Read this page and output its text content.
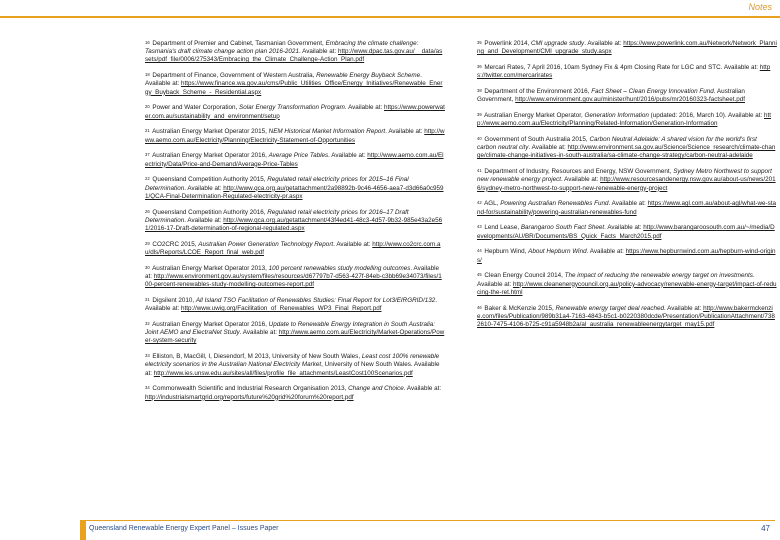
Notes

$^{16}$ Department of Premier and Cabinet, Tasmanian Government, Embracing the climate challenge: Tasmania's draft climate change action plan 2016-2021. Available at: http://www.dpac.tas.gov.au/__data/assets/pdf_file/0006/275343/Embracing_the_Climate_Challenge-Action_Plan.pdf

$^{18}$ Department of Finance, Government of Western Australia, Renewable Energy Buyback Scheme. Available at: https://www.finance.wa.gov.au/cms/Public_Utilities_Office/Energy_Initiatives/Renewable_Energy_Buyback_Scheme_-_Residential.aspx

$^{20}$ Power and Water Corporation, Solar Energy Transformation Program. Available at: https://www.powerwater.com.au/sustainability_and_environment/setup

$^{21}$ Australian Energy Market Operator 2015, NEM Historical Market Information Report. Available at: http://www.aemo.com.au/Electricity/Planning/Electricity-Statement-of-Opportunities

$^{37}$ Australian Energy Market Operator 2016, Average Price Tables. Available at: http://www.aemo.com.au/Electricity/Data/Price-and-Demand/Average-Price-Tables

$^{22}$ Queensland Competition Authority 2015, Regulated retail electricity prices for 2015–16 Final Determination. Available at: http://www.qca.org.au/getattachment/2a98892b-9c46-4656-aea7-d3d66a0c9591/QCA-Final-Determination-Regulated-electricity-pr.aspx

$^{26}$ Queensland Competition Authority 2016, Regulated retail electricity prices for 2016–17 Draft Determination. Available at: http://www.qca.org.au/getattachment/43f4ed41-48c3-4d57-9b32-985e43a2e561/2016-17-Draft-determination-of-regional-regulated.aspx

$^{29}$ CO2CRC 2015, Australian Power Generation Technology Report. Available at: http://www.co2crc.com.au/dls/Reports/LCOE_Report_final_web.pdf

$^{30}$ Australian Energy Market Operator 2013, 100 percent renewables study modelling outcomes. Available at: http://www.environment.gov.au/system/files/resources/d67797b7-d563-427f-84eb-c3bb69e34073/files/100-percent-renewables-study-modelling-outcomes-report.pdf

$^{31}$ Digsilent 2010, All Island TSO Facilitation of Renewables Studies: Final Report for Lot3/EIRGRID/132. Available at: http://www.uwig.org/Facilitation_of_Renewables_WP3_Final_Report.pdf

$^{32}$ Australian Energy Market Operator 2016, Update to Renewable Energy Integration in South Australia: Joint AEMO and ElectraNet Study. Available at: http://www.aemo.com.au/Electricity/Market-Operations/Power-system-security

$^{33}$ Elliston, B, MacGill, I, Diesendorf, M 2013, University of New South Wales, Least cost 100% renewable electricity scenarios in the Australian National Electricity Market, University of New South Wales. Available at: http://www.ies.unsw.edu.au/sites/all/files/profile_file_attachments/LeastCost100Scenarios.pdf

$^{34}$ Commonwealth Scientific and Industrial Research Organisation 2013, Change and Choice. Available at: http://industrialsmartgrid.org/reports/future%20grid%20forum%20report.pdf

$^{35}$ Powerlink 2014, CMI upgrade study. Available at: https://www.powerlink.com.au/Network/Network_Planning_and_Development/CMI_upgrade_study.aspx

$^{36}$ Mercari Rates, 7 April 2016, 10am Sydney Fix & 4pm Closing Rate for LGC and STC. Available at: https://twitter.com/mercarirates

$^{38}$ Department of the Environment 2016, Fact Sheet – Clean Energy Innovation Fund. Australian Government, http://www.environment.gov.au/minister/hunt/2016/pubs/mr20160323-factsheet.pdf

$^{39}$ Australian Energy Market Operator, Generation Information (updated: 2016, March 10). Available at: http://www.aemo.com.au/Electricity/Planning/Related-Information/Generation-Information

$^{40}$ Government of South Australia 2015, Carbon Neutral Adelaide: A shared vision for the world's first carbon neutral city. Available at: http://www.environment.sa.gov.au/Science/Science_research/climate-change/climate-change-initiatives-in-south-australia/sa-climate-change-strategy/carbon-neutral-adelaide

$^{41}$ Department of Industry, Resources and Energy, NSW Government, Sydney Metro Northwest to support new renewable energy project. Available at: http://www.resourcesandenergy.nsw.gov.au/about-us/news/2016/sydney-metro-northwest-to-support-new-renewable-energy-project

$^{42}$ AGL, Powering Australian Renewables Fund. Available at: https://www.agl.com.au/about-agl/what-we-stand-for/sustainability/powering-australian-renewables-fund

$^{43}$ Lend Lease, Barangaroo South Fact Sheet. Available at: http://www.barangaroosouth.com.au/~/media/Developments/AU/BR/Documents/BS_Quick_Facts_March2015.pdf

$^{44}$ Hepburn Wind, About Hepburn Wind. Available at: https://www.hepburnwind.com.au/hepburn-wind-origins/

$^{45}$ Clean Energy Council 2014, The impact of reducing the renewable energy target on investments. Available at: http://www.cleanenergycouncil.org.au/policy-advocacy/renewable-energy-target/impact-of-reducing-the-ret.html

$^{46}$ Baker & McKenzie 2015, Renewable energy target deal reached. Available at: http://www.bakermckenzie.com/files/Publication/989b31a4-7163-4843-b5c1-b0220380dcde/Presentation/PublicationAttachment/7382610-7475-4106-b725-c91a5948b2a/al_australia_renewableenergytarget_may15.pdf

Queensland Renewable Energy Expert Panel – Issues Paper	47
